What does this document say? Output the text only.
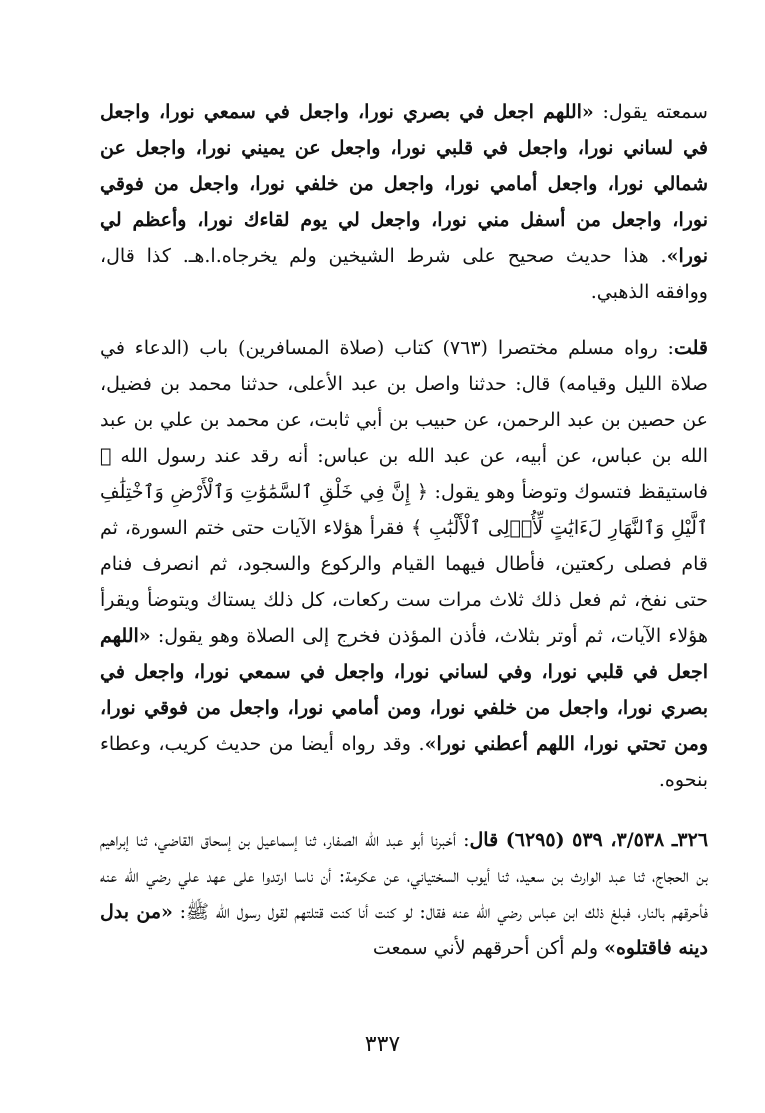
سمعته يقول: «اللهم اجعل في بصري نورا، واجعل في سمعي نورا، واجعل في لساني نورا، واجعل في قلبي نورا، واجعل عن يميني نورا، واجعل عن شمالي نورا، واجعل أمامي نورا، واجعل من خلفي نورا، واجعل من فوقي نورا، واجعل من أسفل مني نورا، واجعل لي يوم لقاءك نورا، وأعظم لي نورا». هذا حديث صحيح على شرط الشيخين ولم يخرجاه.ا.هـ. كذا قال، ووافقه الذهبي.

قلت: رواه مسلم مختصرا (٧٦٣) كتاب (صلاة المسافرين) باب (الدعاء في صلاة الليل وقيامه) قال: حدثنا واصل بن عبد الأعلى، حدثنا محمد بن فضيل، عن حصين بن عبد الرحمن، عن حبيب بن أبي ثابت، عن محمد بن علي بن عبد الله بن عباس، عن أبيه، عن عبد الله بن عباس: أنه رقد عند رسول الله ﷺ فاستيقظ فتسوك وتوضأ وهو يقول: ﴿ إِنَّ فِي خَلْقِ ٱلسَّمَٰوَٰتِ وَٱلْأَرْضِ وَٱخْتِلَٰفِ ٱلَّيْلِ وَٱلنَّهَارِ لَءَايَٰتٍ لِّأُو۟لِى ٱلْأَلْبَٰبِ ﴾ فقرأ هؤلاء الآيات حتى ختم السورة، ثم قام فصلى ركعتين، فأطال فيهما القيام والركوع والسجود، ثم انصرف فنام حتى نفخ، ثم فعل ذلك ثلاث مرات ست ركعات، كل ذلك يستاك ويتوضأ ويقرأ هؤلاء الآيات، ثم أوتر بثلاث، فأذن المؤذن فخرج إلى الصلاة وهو يقول: «اللهم اجعل في قلبي نورا، وفي لساني نورا، واجعل في سمعي نورا، واجعل في بصري نورا، واجعل من خلفي نورا، ومن أمامي نورا، واجعل من فوقي نورا، ومن تحتي نورا، اللهم أعطني نورا». وقد رواه أيضا من حديث كريب، وعطاء بنحوه.

٣٢٦ـ ٣/٥٣٨، ٥٣٩ (٦٢٩٥) قال: أخبرنا أبو عبد الله الصفار، ثنا إسماعيل بن إسحاق القاضي، ثنا إبراهيم بن الحجاج، ثنا عبد الوارث بن سعيد، ثنا أيوب السختياني، عن عكرمة: أن ناسا ارتدوا على عهد علي رضي الله عنه فأحرقهم بالنار، فبلغ ذلك ابن عباس رضي الله عنه فقال: لو كنت أنا كنت قتلتهم لقول رسول الله ﷺ: «من بدل دينه فاقتلوه» ولم أكن أحرقهم لأني سمعت

٣٣٧
